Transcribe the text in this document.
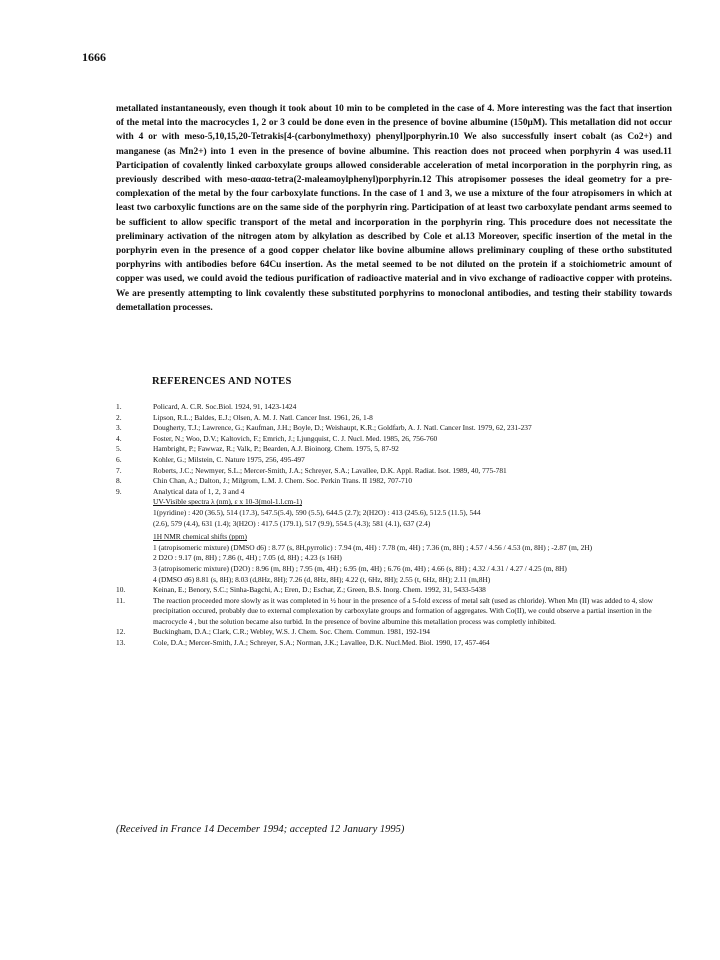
1666
metallated instantaneously, even though it took about 10 min to be completed in the case of 4. More interesting was the fact that insertion of the metal into the macrocycles 1, 2 or 3 could be done even in the presence of bovine albumine (150μM). This metallation did not occur with 4 or with meso-5,10,15,20-Tetrakis[4-(carbonylmethoxy) phenyl]porphyrin.10 We also successfully insert cobalt (as Co2+) and manganese (as Mn2+) into 1 even in the presence of bovine albumine. This reaction does not proceed when porphyrin 4 was used.11 Participation of covalently linked carboxylate groups allowed considerable acceleration of metal incorporation in the porphyrin ring, as previously described with meso-αααα-tetra(2-maleamoylphenyl)porphyrin.12 This atropisomer posseses the ideal geometry for a pre-complexation of the metal by the four carboxylate functions. In the case of 1 and 3, we use a mixture of the four atropisomers in which at least two carboxylic functions are on the same side of the porphyrin ring. Participation of at least two carboxylate pendant arms seemed to be sufficient to allow specific transport of the metal and incorporation in the porphyrin ring. This procedure does not necessitate the preliminary activation of the nitrogen atom by alkylation as described by Cole et al.13 Moreover, specific insertion of the metal in the porphyrin even in the presence of a good copper chelator like bovine albumine allows preliminary coupling of these ortho substituted porphyrins with antibodies before 64Cu insertion. As the metal seemed to be not diluted on the protein if a stoichiometric amount of copper was used, we could avoid the tedious purification of radioactive material and in vivo exchange of radioactive copper with proteins. We are presently attempting to link covalently these substituted porphyrins to monoclonal antibodies, and testing their stability towards demetallation processes.
REFERENCES AND NOTES
1.	Policard, A. C.R. Soc.Biol. 1924, 91, 1423-1424
2.	Lipson, R.L.; Baldes, E.J.; Olsen, A. M. J. Natl. Cancer Inst. 1961, 26, 1-8
3.	Dougherty, T.J.; Lawrence, G.; Kaufman, J.H.; Boyle, D.; Weishaupt, K.R.; Goldfarb, A. J. Natl. Cancer Inst. 1979, 62, 231-237
4.	Foster, N.; Woo, D.V.; Kaltovich, F.; Emrich, J.; Ljungquist, C. J. Nucl. Med. 1985, 26, 756-760
5.	Hambright, P.; Fawwaz, R.; Valk, P.; Bearden, A.J. Bioinorg. Chem. 1975, 5, 87-92
6.	Kohler, G.; Milstein, C. Nature 1975, 256, 495-497
7.	Roberts, J.C.; Newmyer, S.L.; Mercer-Smith, J.A.; Schreyer, S.A.; Lavallee, D.K. Appl. Radiat. Isot. 1989, 40, 775-781
8.	Chin Chan, A.; Dalton, J.; Milgrom, L.M. J. Chem. Soc. Perkin Trans. II 1982, 707-710
9.	Analytical data of 1, 2, 3 and 4
UV-Visible spectra λ (nm), ε x 10-3(mol-1.l.cm-1)
1(pyridine) : 420 (36.5), 514 (17.3), 547.5(5.4), 590 (5.5), 644.5 (2.7); 2(H2O) : 413 (245.6), 512.5 (11.5), 544
(2.6), 579 (4.4), 631 (1.4); 3(H2O) : 417.5 (179.1), 517 (9.9), 554.5 (4.3); 581 (4.1), 637 (2.4)
1H NMR chemical shifts (ppm)
1 (atropisomeric mixture) (DMSO d6) : 8.77 (s, 8H,pyrrolic) : 7.94 (m, 4H) : 7.78 (m, 4H) ; 7.36 (m, 8H) ; 4.57 / 4.56 / 4.53 (m, 8H) ; -2.87 (m, 2H)
2 D2O : 9.17 (m, 8H) ; 7.86 (t, 4H) ; 7.05 (d, 8H) ; 4.23 (s 16H)
3 (atropisomeric mixture) (D2O) : 8.96 (m, 8H) ; 7.95 (m, 4H) ; 6.95 (m, 4H) ; 6.76 (m, 4H) ; 4.66 (s, 8H) ; 4.32 / 4.31 / 4.27 / 4.25 (m, 8H)
4 (DMSO d6) 8.81 (s, 8H); 8.03 (d,8Hz, 8H); 7.26 (d, 8Hz, 8H); 4.22 (t, 6Hz, 8H); 2.55 (t, 6Hz, 8H); 2.11 (m,8H)
10.	Keinan, E.; Benory, S.C.; Sinha-Bagchi, A.; Eren, D.; Eschar, Z.; Green, B.S. Inorg. Chem. 1992, 31, 5433-5438
11.	The reaction proceeded more slowly as it was completed in ½ hour in the presence of a 5-fold excess of metal salt (used as chloride). When Mn (II) was added to 4, slow precipitation occured, probably due to external complexation by carboxylate groups and formation of aggregates. With Co(II), we could observe a partial insertion in the macrocycle 4 , but the solution became also turbid. In the presence of bovine albumine this metallation process was completly inhibited.
12.	Buckingham, D.A.; Clark, C.R.; Webley, W.S. J. Chem. Soc. Chem. Commun. 1981, 192-194
13.	Cole, D.A.; Mercer-Smith, J.A.; Schreyer, S.A.; Norman, J.K.; Lavallee, D.K. Nucl.Med. Biol. 1990, 17, 457-464
(Received in France 14 December 1994; accepted 12 January 1995)
